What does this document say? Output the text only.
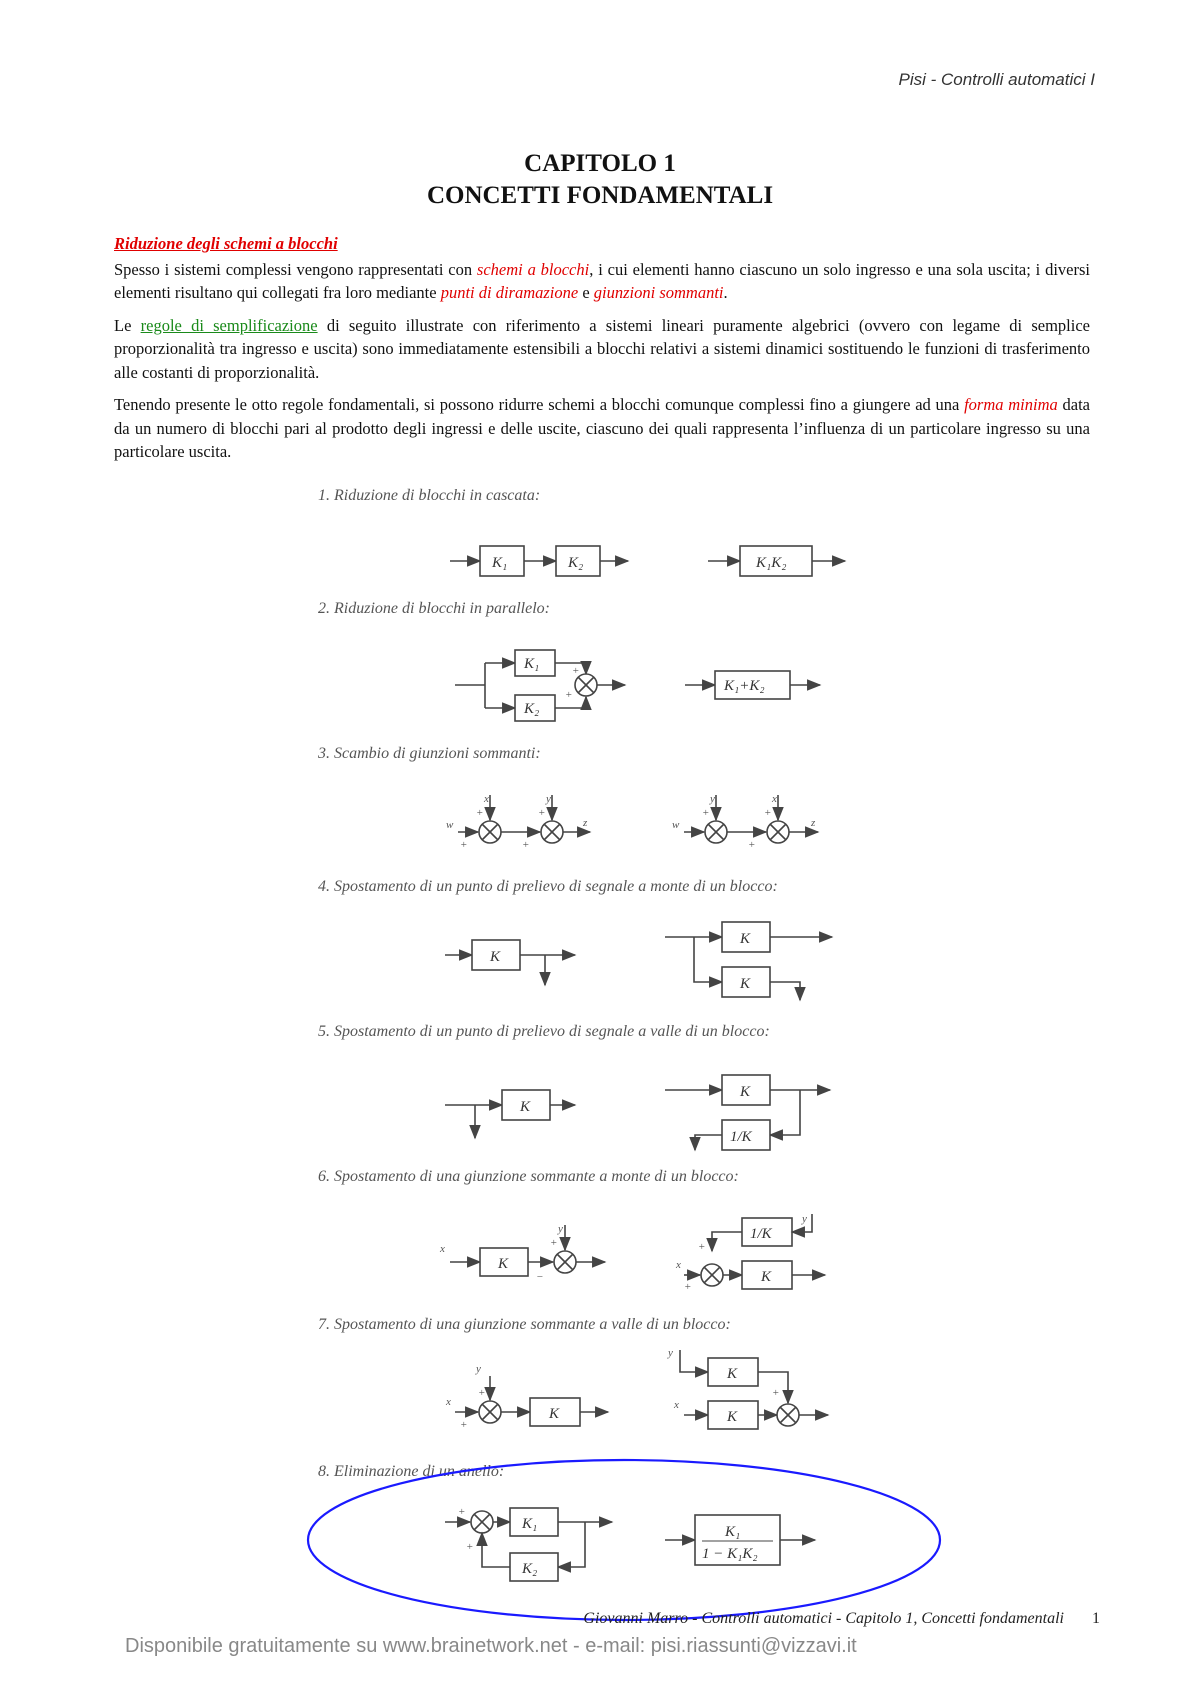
Pisi - Controlli automatici I
CAPITOLO 1
CONCETTI FONDAMENTALI
Riduzione degli schemi a blocchi

Spesso i sistemi complessi vengono rappresentati con schemi a blocchi, i cui elementi hanno ciascuno un solo ingresso e una sola uscita; i diversi elementi risultano qui collegati fra loro mediante punti di diramazione e giunzioni sommanti.

Le regole di semplificazione di seguito illustrate con riferimento a sistemi lineari puramente algebrici (ovvero con legame di semplice proporzionalità tra ingresso e uscita) sono immediatamente estensibili a blocchi relativi a sistemi dinamici sostituendo le funzioni di trasferimento alle costanti di proporzionalità.

Tenendo presente le otto regole fondamentali, si possono ridurre schemi a blocchi comunque complessi fino a giungere ad una forma minima data da un numero di blocchi pari al prodotto degli ingressi e delle uscite, ciascuno dei quali rappresenta l’influenza di un particolare ingresso su una particolare uscita.

1. Riduzione di blocchi in cascata:
2. Riduzione di blocchi in parallelo:
3. Scambio di giunzioni sommanti:
4. Spostamento di un punto di prelievo di segnale a monte di un blocco:
5. Spostamento di un punto di prelievo di segnale a valle di un blocco:
6. Spostamento di una giunzione sommante a monte di un blocco:
7. Spostamento di una giunzione sommante a valle di un blocco:
8. Eliminazione di un anello:
K₁	K₂	K₁K₂
K₁
K₂
+
+
K₁+K₂
w
+
x
+
+
y
+
z	w
y
+
+
x
+
z
K
K
K
K
K
1/K
x
K
−
y
+
1/K
y
+
x
+
K
x
+
y
+
K
y
K
+
x
K
+
K₁
K₂
+
K₁
1 − K₁K₂
Giovanni Marro - Controlli automatici - Capitolo 1, Concetti fondamentali 1
Disponibile gratuitamente su www.brainetwork.net - e-mail: pisi.riassunti@vizzavi.it
